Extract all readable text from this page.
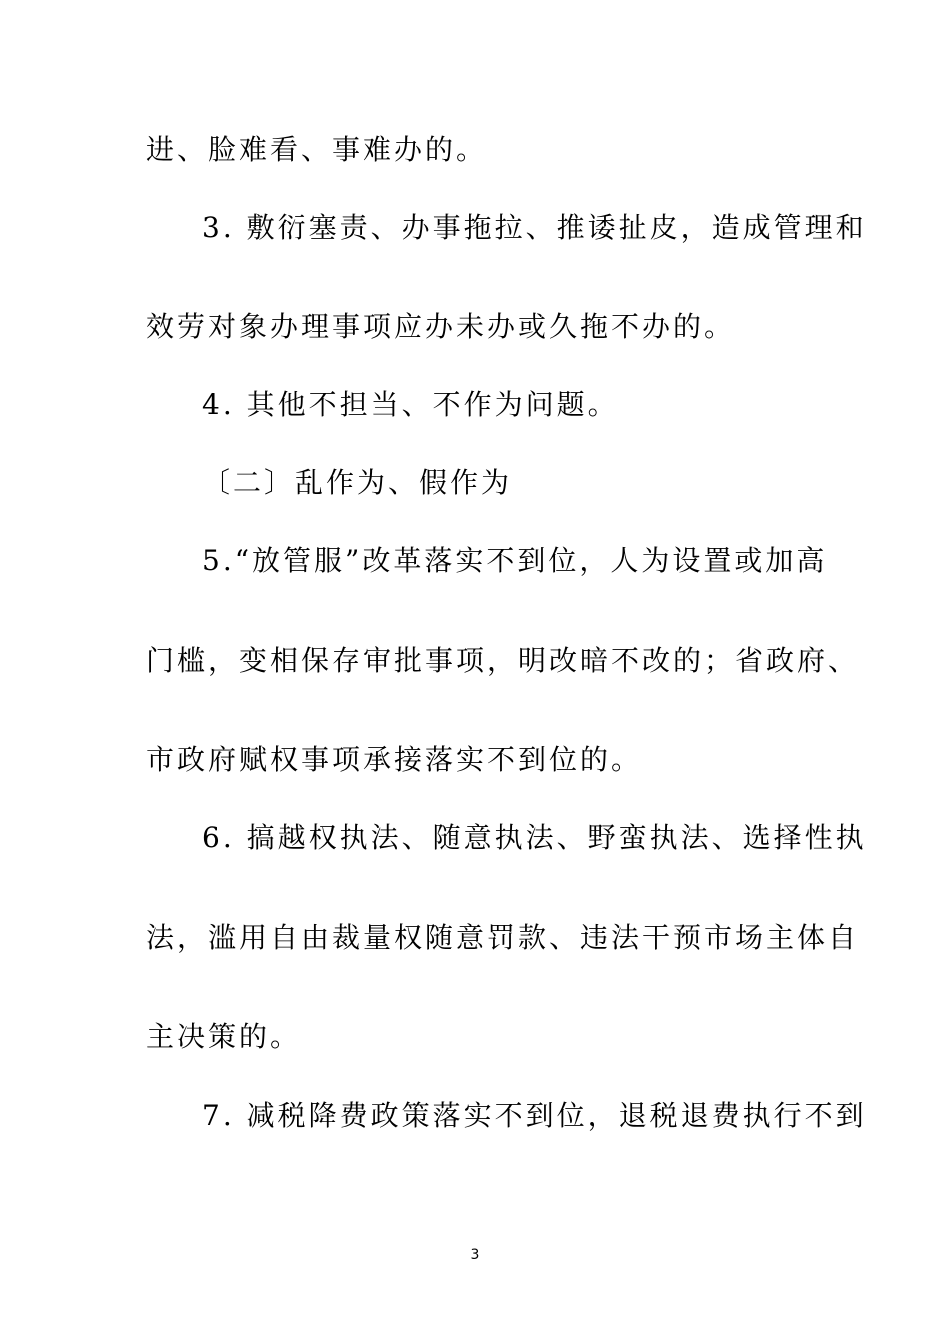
进、脸难看、事难办的。
3. 敷衍塞责、办事拖拉、推诿扯皮，造成管理和
效劳对象办理事项应办未办或久拖不办的。
4. 其他不担当、不作为问题。
〔二〕乱作为、假作为
5.“放管服”改革落实不到位，人为设置或加高
门槛，变相保存审批事项，明改暗不改的；省政府、
市政府赋权事项承接落实不到位的。
6. 搞越权执法、随意执法、野蛮执法、选择性执
法，滥用自由裁量权随意罚款、违法干预市场主体自
主决策的。
7. 减税降费政策落实不到位，退税退费执行不到
3
